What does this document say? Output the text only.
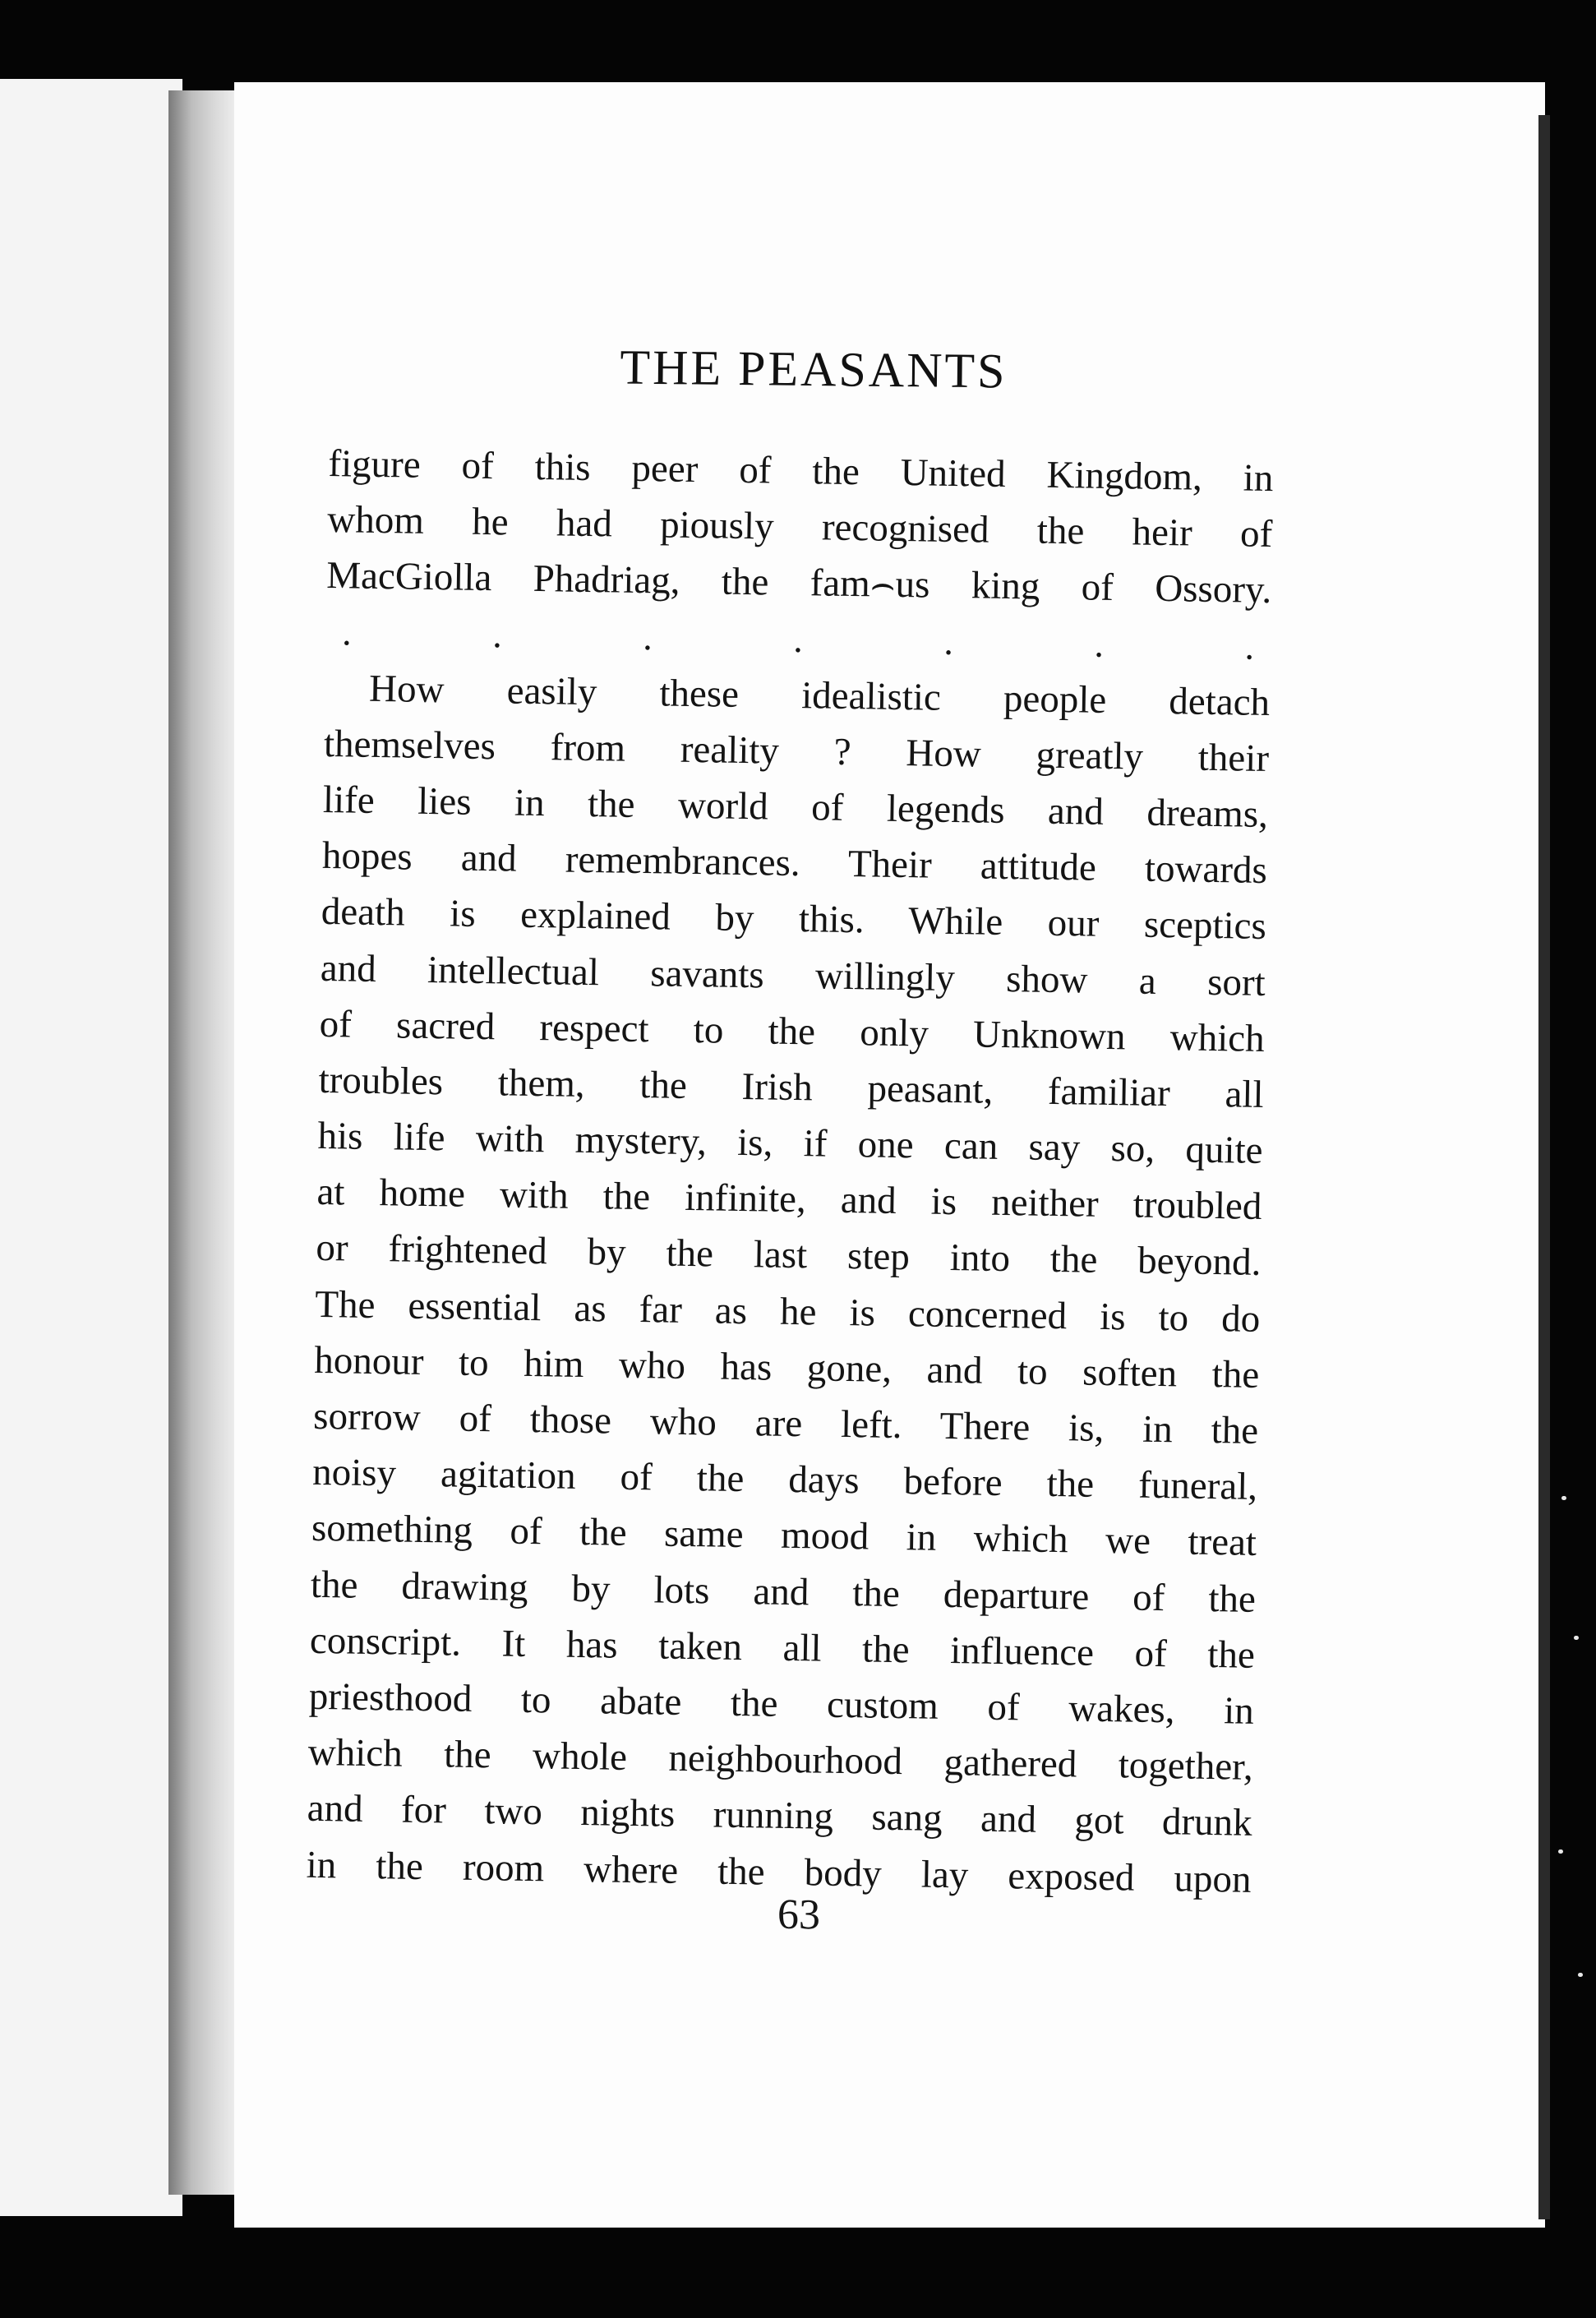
THE PEASANTS
figure of this peer of the United Kingdom, in
whom he had piously recognised the heir of
MacGiolla Phadriag, the fam⌢us king of Ossory.
.	.	.	.	.	.	.
How easily these idealistic people detach
themselves from reality ? How greatly their
life lies in the world of legends and dreams,
hopes and remembrances. Their attitude towards
death is explained by this. While our sceptics
and intellectual savants willingly show a sort
of sacred respect to the only Unknown which
troubles them, the Irish peasant, familiar all
his life with mystery, is, if one can say so, quite
at home with the infinite, and is neither troubled
or frightened by the last step into the beyond.
The essential as far as he is concerned is to do
honour to him who has gone, and to soften the
sorrow of those who are left. There is, in the
noisy agitation of the days before the funeral,
something of the same mood in which we treat
the drawing by lots and the departure of the
conscript. It has taken all the influence of the
priesthood to abate the custom of wakes, in
which the whole neighbourhood gathered together,
and for two nights running sang and got drunk
in the room where the body lay exposed upon
63
